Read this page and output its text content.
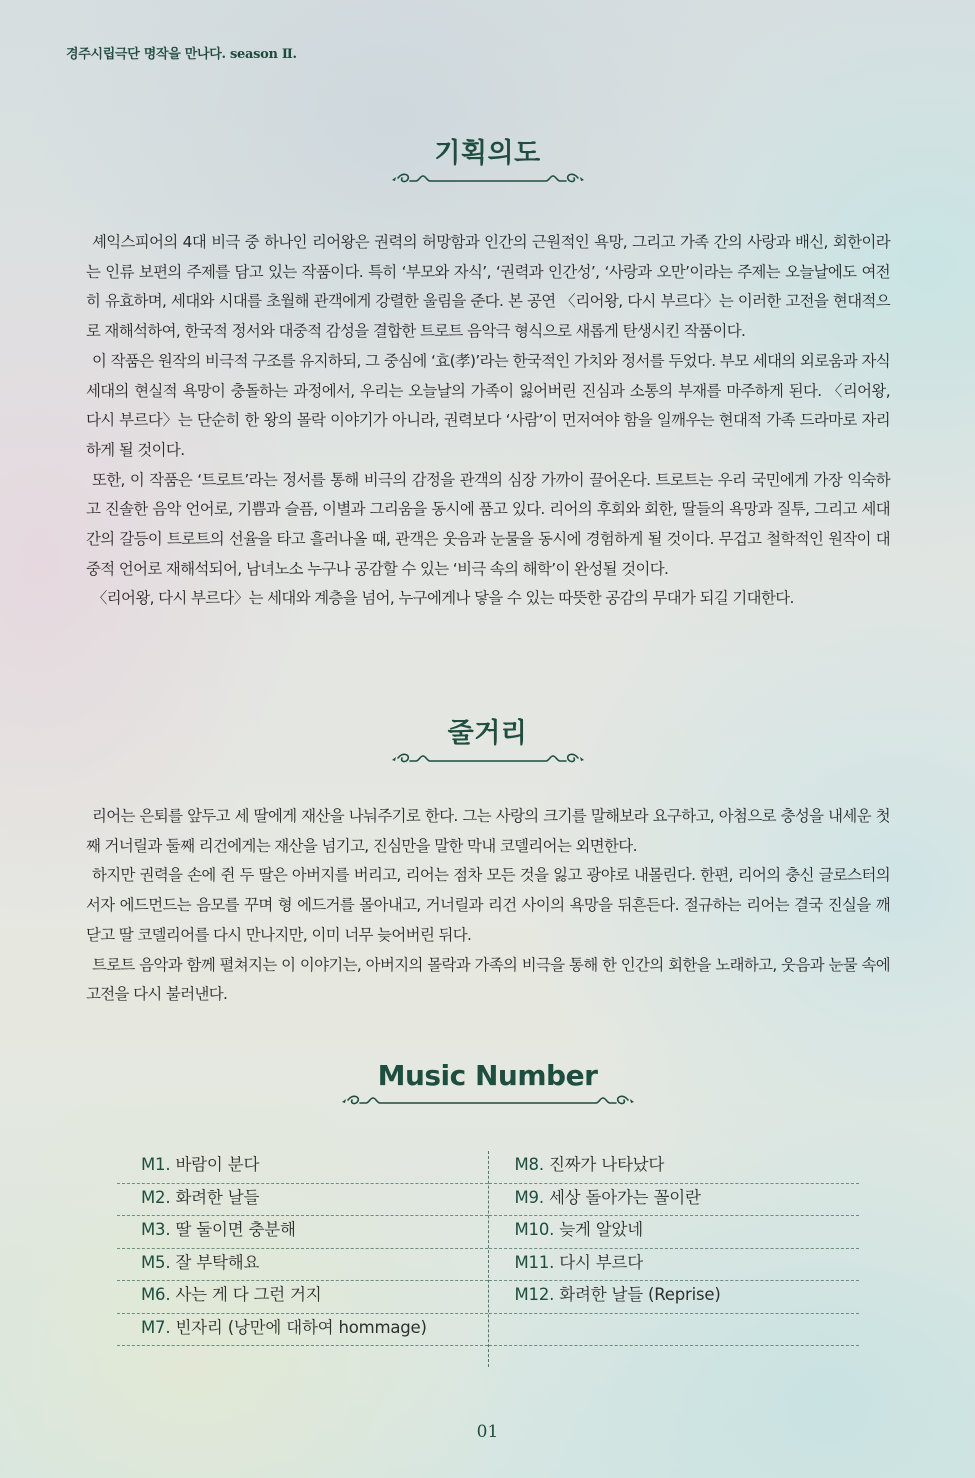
경주시립극단 명작을 만나다. season Ⅱ.
기획의도

셰익스피어의 4대 비극 중 하나인 리어왕은 권력의 허망함과 인간의 근원적인 욕망, 그리고 가족 간의 사랑과 배신, 회한이라는 인류 보편의 주제를 담고 있는 작품이다. 특히 ‘부모와 자식’, ‘권력과 인간성’, ‘사랑과 오만’이라는 주제는 오늘날에도 여전히 유효하며, 세대와 시대를 초월해 관객에게 강렬한 울림을 준다. 본 공연 〈리어왕, 다시 부르다〉는 이러한 고전을 현대적으로 재해석하여, 한국적 정서와 대중적 감성을 결합한 트로트 음악극 형식으로 새롭게 탄생시킨 작품이다.

이 작품은 원작의 비극적 구조를 유지하되, 그 중심에 ‘효(孝)’라는 한국적인 가치와 정서를 두었다. 부모 세대의 외로움과 자식 세대의 현실적 욕망이 충돌하는 과정에서, 우리는 오늘날의 가족이 잃어버린 진심과 소통의 부재를 마주하게 된다. 〈리어왕, 다시 부르다〉는 단순히 한 왕의 몰락 이야기가 아니라, 권력보다 ‘사람’이 먼저여야 함을 일깨우는 현대적 가족 드라마로 자리하게 될 것이다.

또한, 이 작품은 ‘트로트’라는 정서를 통해 비극의 감정을 관객의 심장 가까이 끌어온다. 트로트는 우리 국민에게 가장 익숙하고 진솔한 음악 언어로, 기쁨과 슬픔, 이별과 그리움을 동시에 품고 있다. 리어의 후회와 회한, 딸들의 욕망과 질투, 그리고 세대 간의 갈등이 트로트의 선율을 타고 흘러나올 때, 관객은 웃음과 눈물을 동시에 경험하게 될 것이다. 무겁고 철학적인 원작이 대중적 언어로 재해석되어, 남녀노소 누구나 공감할 수 있는 ‘비극 속의 해학’이 완성될 것이다.

〈리어왕, 다시 부르다〉는 세대와 계층을 넘어, 누구에게나 닿을 수 있는 따뜻한 공감의 무대가 되길 기대한다.

줄거리

리어는 은퇴를 앞두고 세 딸에게 재산을 나눠주기로 한다. 그는 사랑의 크기를 말해보라 요구하고, 아첨으로 충성을 내세운 첫째 거너릴과 둘째 리건에게는 재산을 넘기고, 진심만을 말한 막내 코델리어는 외면한다.

하지만 권력을 손에 쥔 두 딸은 아버지를 버리고, 리어는 점차 모든 것을 잃고 광야로 내몰린다. 한편, 리어의 충신 글로스터의 서자 에드먼드는 음모를 꾸며 형 에드거를 몰아내고, 거너릴과 리건 사이의 욕망을 뒤흔든다. 절규하는 리어는 결국 진실을 깨닫고 딸 코델리어를 다시 만나지만, 이미 너무 늦어버린 뒤다.

트로트 음악과 함께 펼쳐지는 이 이야기는, 아버지의 몰락과 가족의 비극을 통해 한 인간의 회한을 노래하고, 웃음과 눈물 속에 고전을 다시 불러낸다.

Music Number
M1. 바람이 분다
M2. 화려한 날들
M3. 딸 둘이면 충분해
M5. 잘 부탁해요
M6. 사는 게 다 그런 거지
M7. 빈자리 (낭만에 대하여 hommage)
M8. 진짜가 나타났다
M9. 세상 돌아가는 꼴이란
M10. 늦게 알았네
M11. 다시 부르다
M12. 화려한 날들 (Reprise)
01
